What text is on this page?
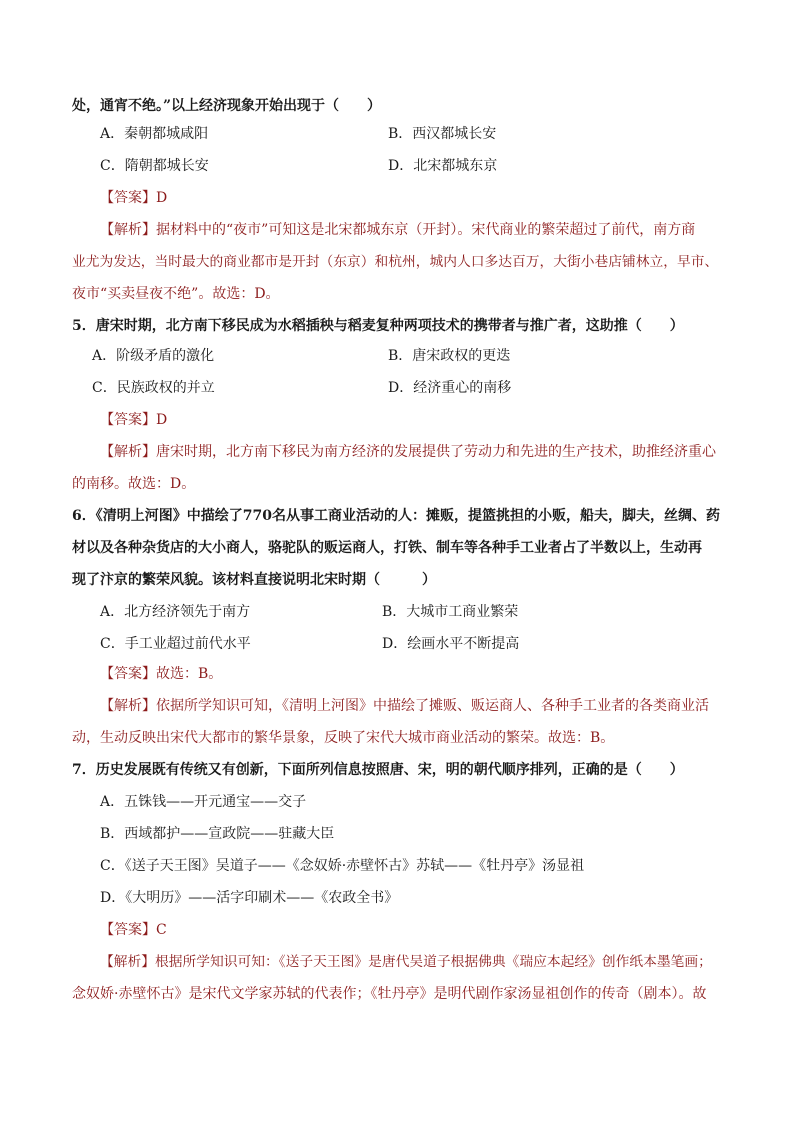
处，通宵不绝。”以上经济现象开始出现于（　　）
A．秦朝都城咸阳	B．西汉都城长安
C．隋朝都城长安	D．北宋都城东京
【答案】D
【解析】据材料中的“夜市”可知这是北宋都城东京（开封）。宋代商业的繁荣超过了前代，南方商
业尤为发达，当时最大的商业都市是开封（东京）和杭州，城内人口多达百万，大街小巷店铺林立，早市、
夜市“买卖昼夜不绝”。故选：D。
5．唐宋时期，北方南下移民成为水稻插秧与稻麦复种两项技术的携带者与推广者，这助推（　　）
A．阶级矛盾的激化	B．唐宋政权的更迭
C．民族政权的并立	D．经济重心的南移
【答案】D
【解析】唐宋时期，北方南下移民为南方经济的发展提供了劳动力和先进的生产技术，助推经济重心
的南移。故选：D。
6．《清明上河图》中描绘了770名从事工商业活动的人：摊贩，提篮挑担的小贩，船夫，脚夫，丝绸、药
材以及各种杂货店的大小商人，骆驼队的贩运商人，打铁、制车等各种手工业者占了半数以上，生动再
现了汴京的繁荣风貌。该材料直接说明北宋时期（　　　）
A．北方经济领先于南方	B．大城市工商业繁荣
C．手工业超过前代水平	D．绘画水平不断提高
【答案】故选：B。
【解析】依据所学知识可知，《清明上河图》中描绘了摊贩、贩运商人、各种手工业者的各类商业活
动，生动反映出宋代大都市的繁华景象，反映了宋代大城市商业活动的繁荣。故选：B。
7．历史发展既有传统又有创新，下面所列信息按照唐、宋，明的朝代顺序排列，正确的是（　　）
A．五铢钱——开元通宝——交子
B．西域都护——宣政院——驻藏大臣
C．《送子天王图》吴道子——《念奴娇·赤壁怀古》苏轼——《牡丹亭》汤显祖
D．《大明历》——活字印刷术——《农政全书》
【答案】C
【解析】根据所学知识可知：《送子天王图》是唐代吴道子根据佛典《瑞应本起经》创作纸本墨笔画；
念奴娇·赤壁怀古》是宋代文学家苏轼的代表作；《牡丹亭》是明代剧作家汤显祖创作的传奇（剧本）。故
